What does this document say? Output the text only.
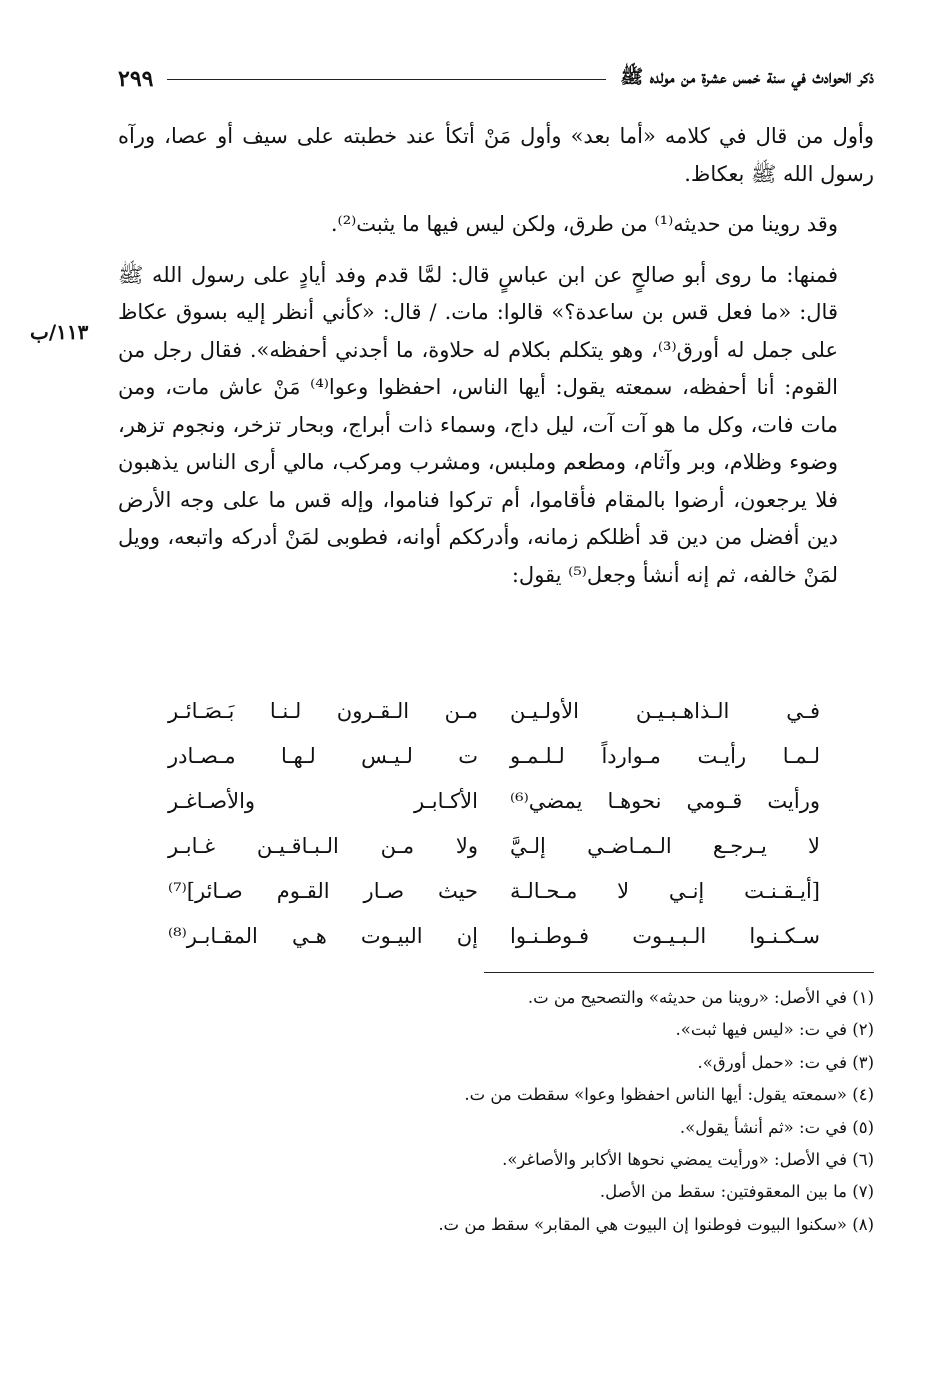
ذكر الحوادث في سنة خمس عشرة من مولده ﷺ
٢٩٩
١١٣/ب

وأول من قال في كلامه «أما بعد» وأول مَنْ أتكأ عند خطبته على سيف أو عصا، ورآه رسول الله ﷺ بعكاظ.

وقد روينا من حديثه⁽¹⁾ من طرق، ولكن ليس فيها ما يثبت⁽²⁾.

فمنها: ما روى أبو صالحٍ عن ابن عباسٍ قال: لمَّا قدم وفد أيادٍ على رسول الله ﷺ قال: «ما فعل قس بن ساعدة؟» قالوا: مات. / قال: «كأني أنظر إليه بسوق عكاظ على جمل له أورق⁽³⁾، وهو يتكلم بكلام له حلاوة، ما أجدني أحفظه». فقال رجل من القوم: أنا أحفظه، سمعته يقول: أيها الناس، احفظوا وعوا⁽⁴⁾ مَنْ عاش مات، ومن مات فات، وكل ما هو آت آت، ليل داج، وسماء ذات أبراج، وبحار تزخر، ونجوم تزهر، وضوء وظلام، وبر وآثام، ومطعم وملبس، ومشرب ومركب، مالي أرى الناس يذهبون فلا يرجعون، أرضوا بالمقام فأقاموا، أم تركوا فناموا، وإله قس ما على وجه الأرض دين أفضل من دين قد أظلكم زمانه، وأدرككم أوانه، فطوبى لمَنْ أدركه واتبعه، وويل لمَنْ خالفه، ثم إنه أنشأ وجعل⁽⁵⁾ يقول:

فـي الـذاهـبـيـن الأولـيـن
مـن الـقـرون لـنـا بَـصَـائـر
لـمـا رأيـت مـوارداً لـلـمـو
ت لـيـس لـهـا مـصـادر
ورأيت قـومي نحوهـا يمضي⁽⁶⁾
الأكـابـر والأصـاغـر
لا يـرجـع الـمـاضـي إلـيَّ
ولا مـن الـبـاقـيـن غـابـر
[أيـقـنـت إنـي لا مـحـالـة
حيث صـار القـوم صـائر]⁽⁷⁾
سـكـنـوا الـبـيـوت فـوطـنـوا
إن البيـوت هـي المقـابـر⁽⁸⁾
(١) في الأصل: «روينا من حديثه» والتصحيح من ت.
(٢) في ت: «ليس فيها ثبت».
(٣) في ت: «حمل أورق».
(٤) «سمعته يقول: أيها الناس احفظوا وعوا» سقطت من ت.
(٥) في ت: «ثم أنشأ يقول».
(٦) في الأصل: «ورأيت يمضي نحوها الأكابر والأصاغر».
(٧) ما بين المعقوفتين: سقط من الأصل.
(٨) «سكنوا البيوت فوطنوا إن البيوت هي المقابر» سقط من ت.
